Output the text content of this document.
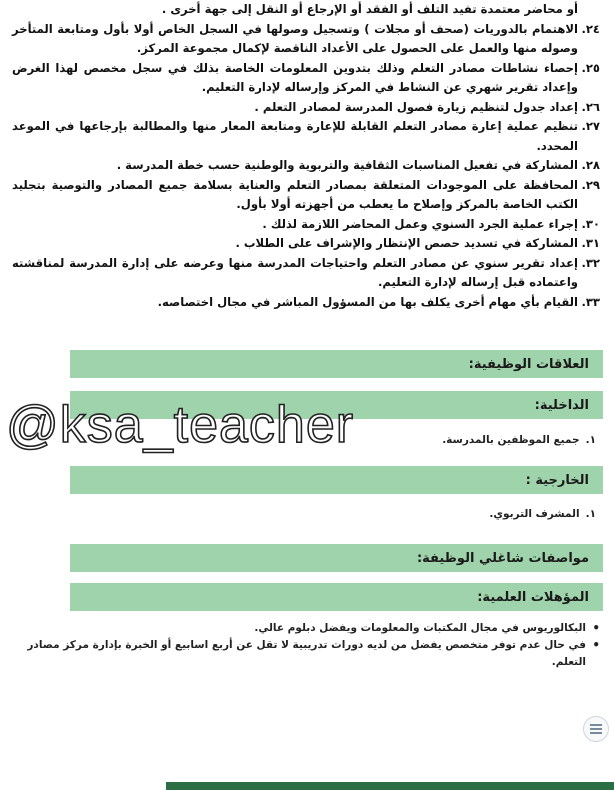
أو محاضر معتمدة تفيد التلف أو الفقد أو الإرجاع أو النقل إلى جهة أخرى .
٢٤.
الاهتمام بالدوريات (صحف أو مجلات ) وتسجيل وصولها في السجل الخاص أولا بأول ومتابعة المتأخر وصوله منها والعمل على الحصول على الأعداد الناقصة لإكمال مجموعة المركز.
٢٥.
إحصاء نشاطات مصادر التعلم وذلك بتدوين المعلومات الخاصة بذلك في سجل مخصص لهذا الغرض وإعداد تقرير شهري عن النشاط في المركز وإرساله لإدارة التعليم.
٢٦.
إعداد جدول لتنظيم زيارة فصول المدرسة لمصادر التعلم .
٢٧.
تنظيم عملية إعارة مصادر التعلم القابلة للإعارة ومتابعة المعار منها والمطالبة بإرجاعها في الموعد المحدد.
٢٨.
المشاركة في تفعيل المناسبات الثقافية والتربوية والوطنية حسب خطة المدرسة .
٢٩.
المحافظة على الموجودات المتعلقة بمصادر التعلم والعناية بسلامة جميع المصادر والتوصية بتجليد الكتب الخاصة بالمركز وإصلاح ما يعطب من أجهزته أولا بأول.
٣٠.
إجراء عملية الجرد السنوي وعمل المحاضر اللازمة لذلك .
٣١.
المشاركة في تسديد حصص الإنتظار والإشراف على الطلاب .
٣٢.
إعداد تقرير سنوي عن مصادر التعلم واحتياجات المدرسة منها وعرضه على إدارة المدرسة لمناقشته واعتماده قبل إرساله لإدارة التعليم.
٣٣.
القيام بأي مهام أخرى يكلف بها من المسؤول المباشر في مجال اختصاصه.
العلاقات الوظيفية:
الداخلية:
١.جميع الموظفين بالمدرسة.
الخارجية :
١.المشرف التربوي.
مواصفات شاغلي الوظيفة:
المؤهلات العلمية:
• البكالوريوس في مجال المكتبات والمعلومات ويفضل دبلوم عالي.
• في حال عدم توفر متخصص يفضل من لديه دورات تدريبية لا تقل عن أربع اسابيع أو الخبرة بإدارة مركز مصادر التعلم.
@ksa_teacher
